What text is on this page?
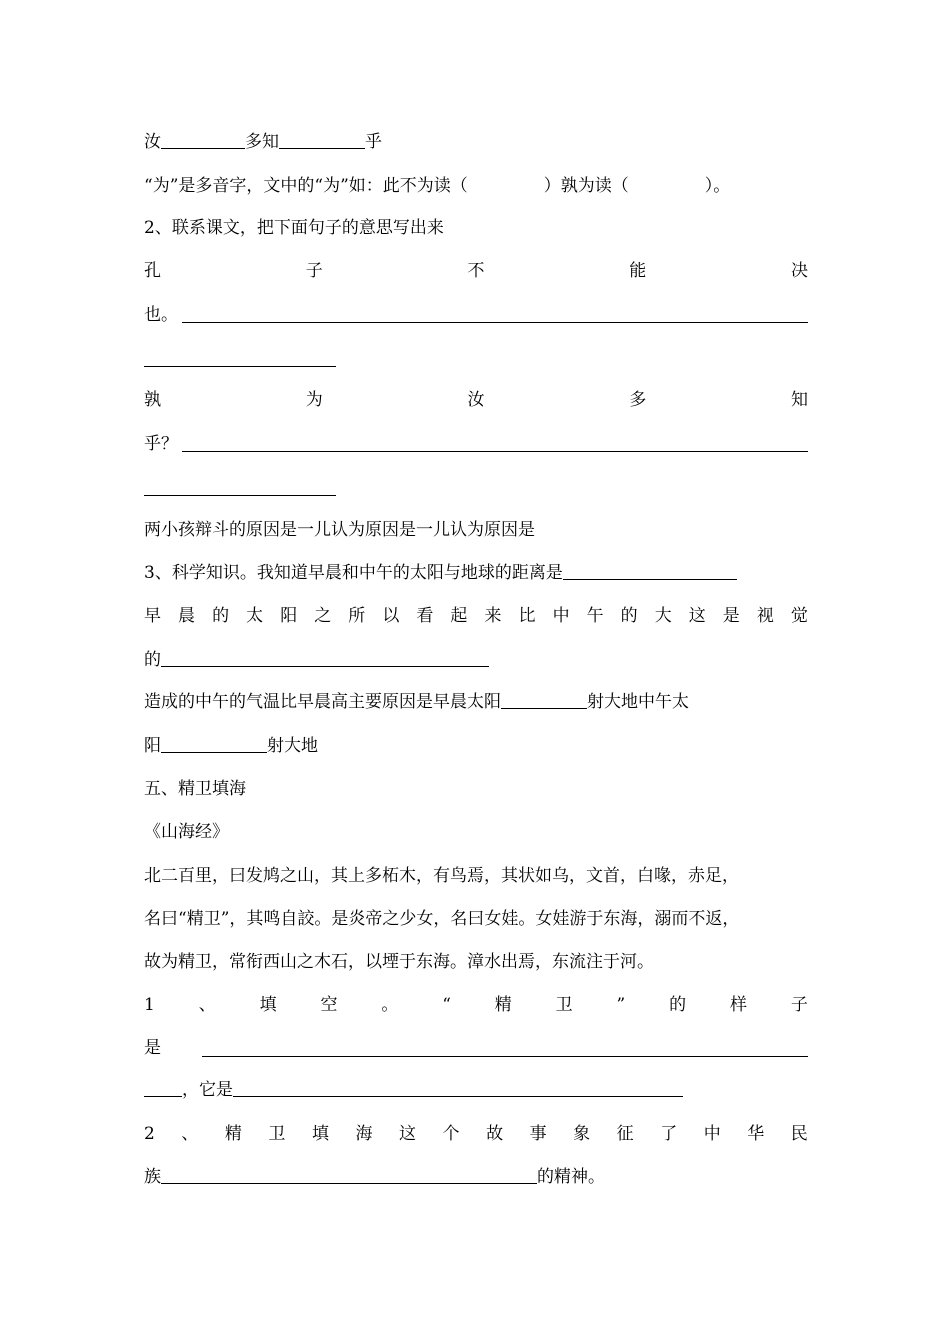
汝	多知	乎
“为”是多音字，文中的“为”如：此不为读（	）孰为读（	）。
2、联系课文，把下面句子的意思写出来
孔	子	不	能	决
也。
孰	为	汝	多	知
乎？
两小孩辩斗的原因是一儿认为原因是一儿认为原因是
3、科学知识。我知道早晨和中午的太阳与地球的距离是
早 晨 的 太 阳 之 所 以 看 起 来 比 中 午 的 大 这 是 视 觉
的
造成的中午的气温比早晨高主要原因是早晨太阳	射大地中午太
阳	射大地
五、精卫填海
《山海经》
北二百里，曰发鸠之山，其上多柘木，有鸟焉，其状如乌，文首，白喙，赤足，
名曰“精卫”，其鸣自詨。是炎帝之少女，名曰女娃。女娃游于东海，溺而不返，
故为精卫，常衔西山之木石，以堙于东海。漳水出焉，东流注于河。
1	、	填	空	。	“	精	卫	”	的	样	子
是
，它是
2 、 精 卫 填 海 这 个 故 事 象 征 了 中 华 民
族	的精神。
